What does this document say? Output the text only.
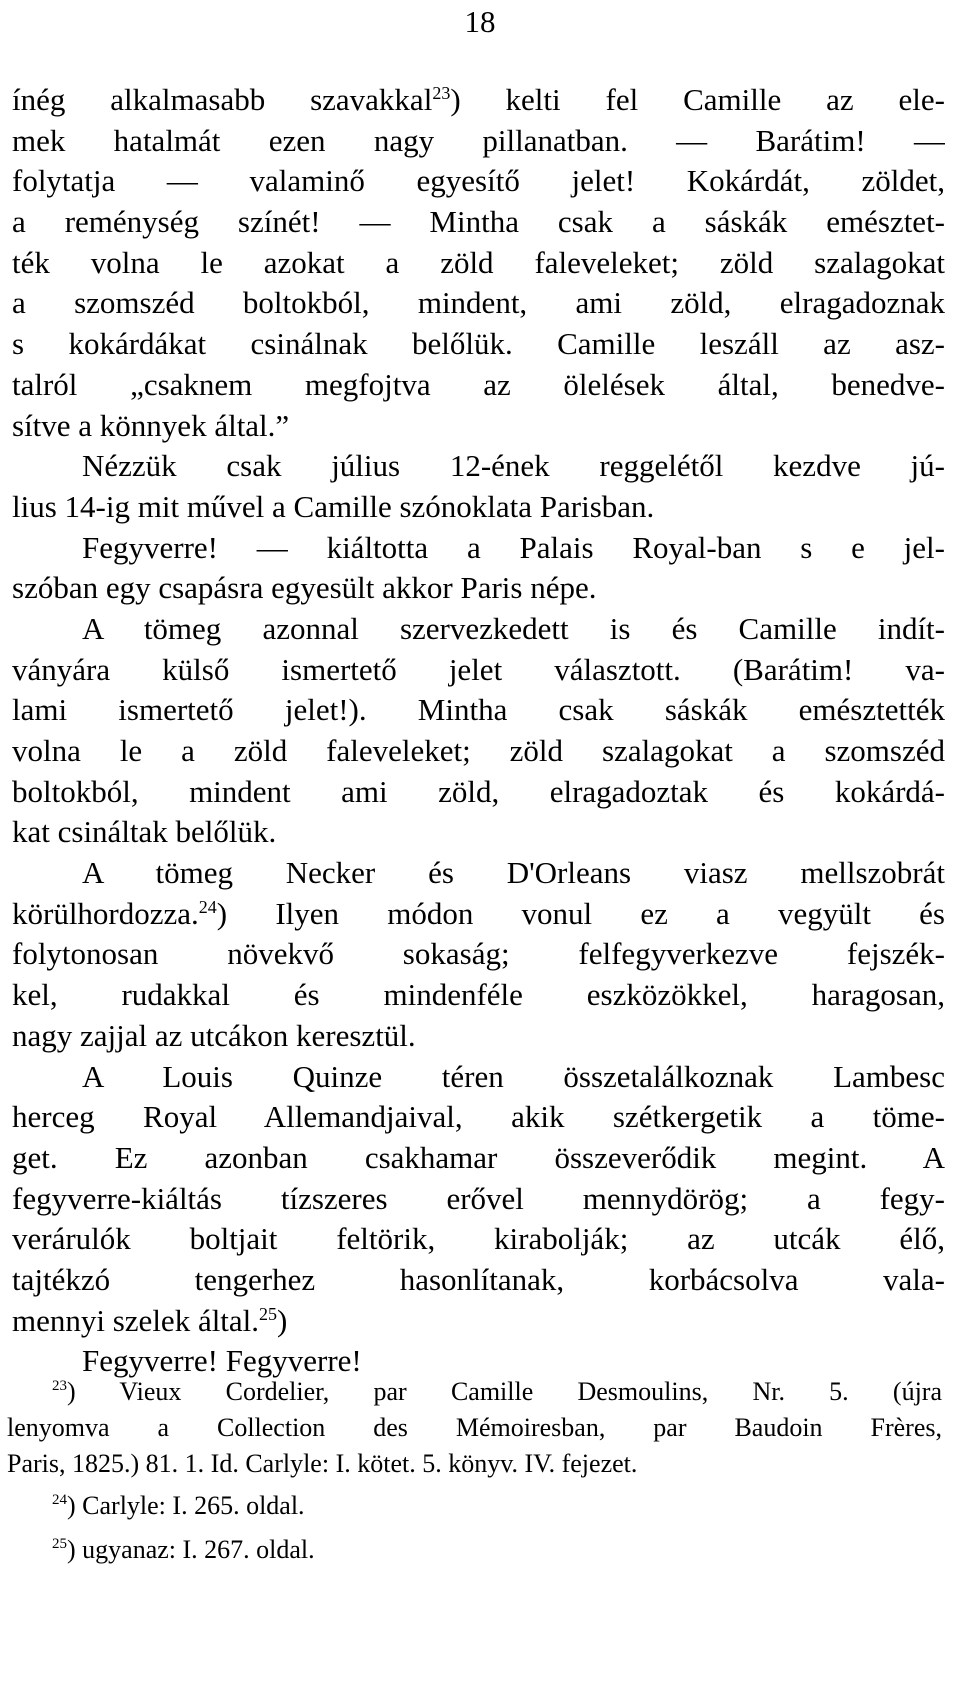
18
ínég alkalmasabb szavakkal$^{23}$) kelti fel Camille az ele-
mek hatalmát ezen nagy pillanatban. — Barátim! —
folytatja — valaminő egyesítő jelet! Kokárdát, zöldet,
a reménység színét! — Mintha csak a sáskák emésztet-
ték volna le azokat a zöld faleveleket; zöld szalagokat
a szomszéd boltokból, mindent, ami zöld, elragadoznak
s kokárdákat csinálnak belőlük. Camille leszáll az asz-
talról „csaknem megfojtva az ölelések által, benedve-
sítve a könnyek által.”
Nézzük csak július 12-ének reggelétől kezdve jú-
lius 14-ig mit művel a Camille szónoklata Parisban.
Fegyverre! — kiáltotta a Palais Royal-ban s e jel-
szóban egy csapásra egyesült akkor Paris népe.
A tömeg azonnal szervezkedett is és Camille indít-
ványára külső ismertető jelet választott. (Barátim! va-
lami ismertető jelet!). Mintha csak sáskák emésztették
volna le a zöld faleveleket; zöld szalagokat a szomszéd
boltokból, mindent ami zöld, elragadoztak és kokárdá-
kat csináltak belőlük.
A tömeg Necker és D'Orleans viasz mellszobrát
körülhordozza.$^{24}$) Ilyen módon vonul ez a vegyült és
folytonosan növekvő sokaság; felfegyverkezve fejszék-
kel, rudakkal és mindenféle eszközökkel, haragosan,
nagy zajjal az utcákon keresztül.
A Louis Quinze téren összetalálkoznak Lambesc
herceg Royal Allemandjaival, akik szétkergetik a töme-
get. Ez azonban csakhamar összeverődik megint. A
fegyverre-kiáltás tízszeres erővel mennydörög; a fegy-
verárulók boltjait feltörik, kirabolják; az utcák élő,
tajtékzó tengerhez hasonlítanak, korbácsolva vala-
mennyi szelek által.$^{25}$)
Fegyverre! Fegyverre!
$^{23}$) Vieux Cordelier, par Camille Desmoulins, Nr. 5. (újra
lenyomva a Collection des Mémoiresban, par Baudoin Frères,
Paris, 1825.) 81. 1. Id. Carlyle: I. kötet. 5. könyv. IV. fejezet.
$^{24}$) Carlyle: I. 265. oldal.
$^{25}$) ugyanaz: I. 267. oldal.
